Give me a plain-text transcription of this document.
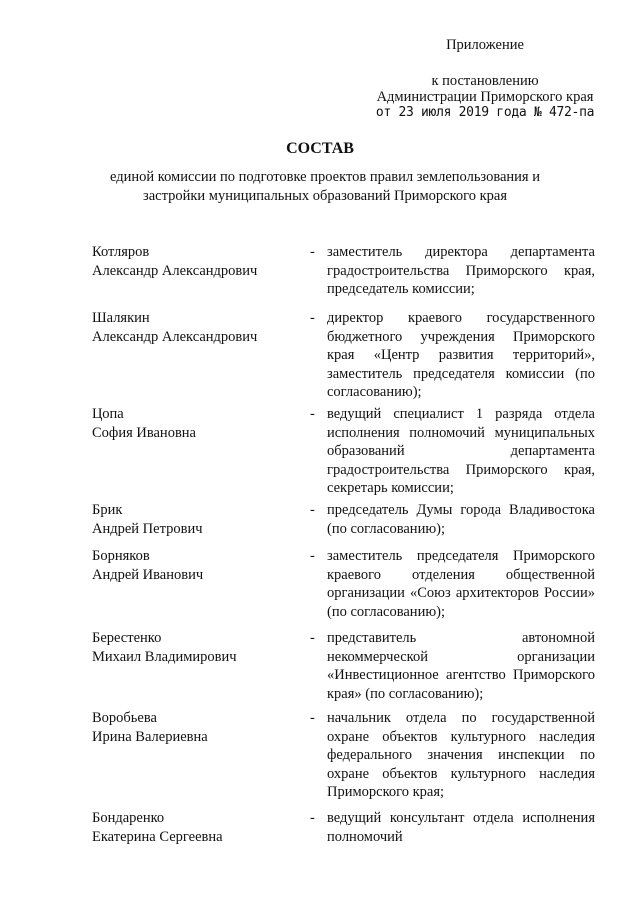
Приложение
к постановлению
Администрации Приморского края
от 23 июля 2019 года № 472-па
СОСТАВ
единой комиссии по подготовке проектов правил землепользования и застройки муниципальных образований Приморского края
Котляров
Александр Александрович
- заместитель директора департамента градостроительства Приморского края, председатель комиссии;
Шалякин
Александр Александрович
- директор краевого государственного бюджетного учреждения Приморского края «Центр развития территорий», заместитель председателя комиссии (по согласованию);
Цопа
София Ивановна
- ведущий специалист 1 разряда отдела исполнения полномочий муниципальных образований департамента градостроительства Приморского края, секретарь комиссии;
Брик
Андрей Петрович
- председатель Думы города Владивостока (по согласованию);
Борняков
Андрей Иванович
- заместитель председателя Приморского краевого отделения общественной организации «Союз архитекторов России» (по согласованию);
Берестенко
Михаил Владимирович
- представитель автономной некоммерческой организации «Инвестиционное агентство Приморского края» (по согласованию);
Воробьева
Ирина Валериевна
- начальник отдела по государственной охране объектов культурного наследия федерального значения инспекции по охране объектов культурного наследия Приморского края;
Бондаренко
Екатерина Сергеевна
- ведущий консультант отдела исполнения полномочий
